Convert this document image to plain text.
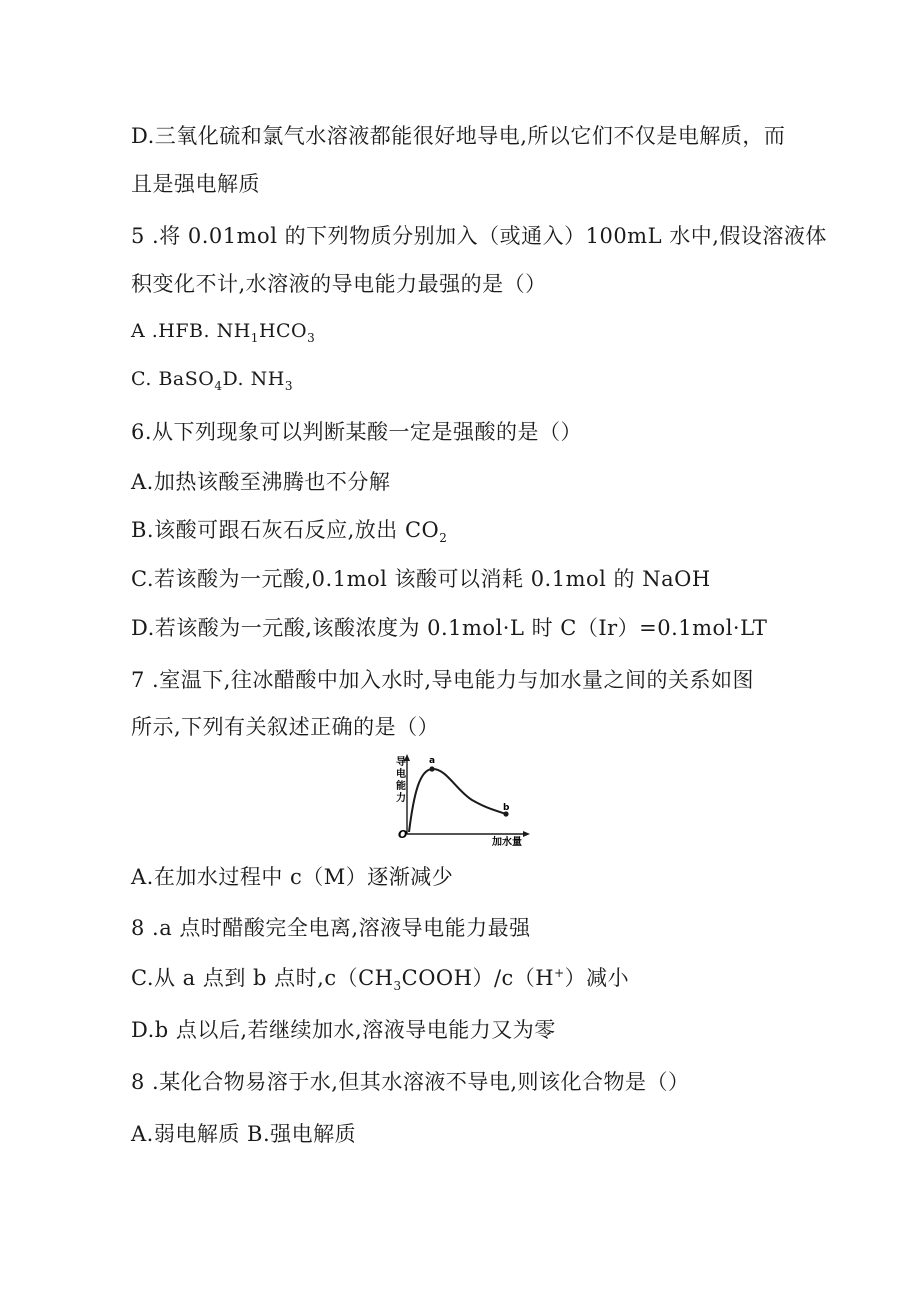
D.三氧化硫和氯气水溶液都能很好地导电,所以它们不仅是电解质，而
且是强电解质
5 .将 0.01mol 的下列物质分别加入（或通入）100mL 水中,假设溶液体
积变化不计,水溶液的导电能力最强的是（）
A .HFB. $NH_1HCO_3$
C. BaSO$_4$D. $NH_3$
6.从下列现象可以判断某酸一定是强酸的是（）
A.加热该酸至沸腾也不分解
B.该酸可跟石灰石反应,放出 $CO_2$
C.若该酸为一元酸,0.1mol 该酸可以消耗 0.1mol 的 NaOH
D.若该酸为一元酸,该酸浓度为 0.1mol·L 时 C（Ir）=0.1mol·LT
7 .室温下,往冰醋酸中加入水时,导电能力与加水量之间的关系如图
所示,下列有关叙述正确的是（）
导
电
能
力
O
加水量
a
b
A.在加水过程中 c（M）逐渐减少
8 .a 点时醋酸完全电离,溶液导电能力最强
C.从 a 点到 b 点时$,c(CH_3COOH)/c(H^+)$减小
D.b 点以后,若继续加水,溶液导电能力又为零
8 .某化合物易溶于水,但其水溶液不导电,则该化合物是（）
A.弱电解质 B.强电解质
